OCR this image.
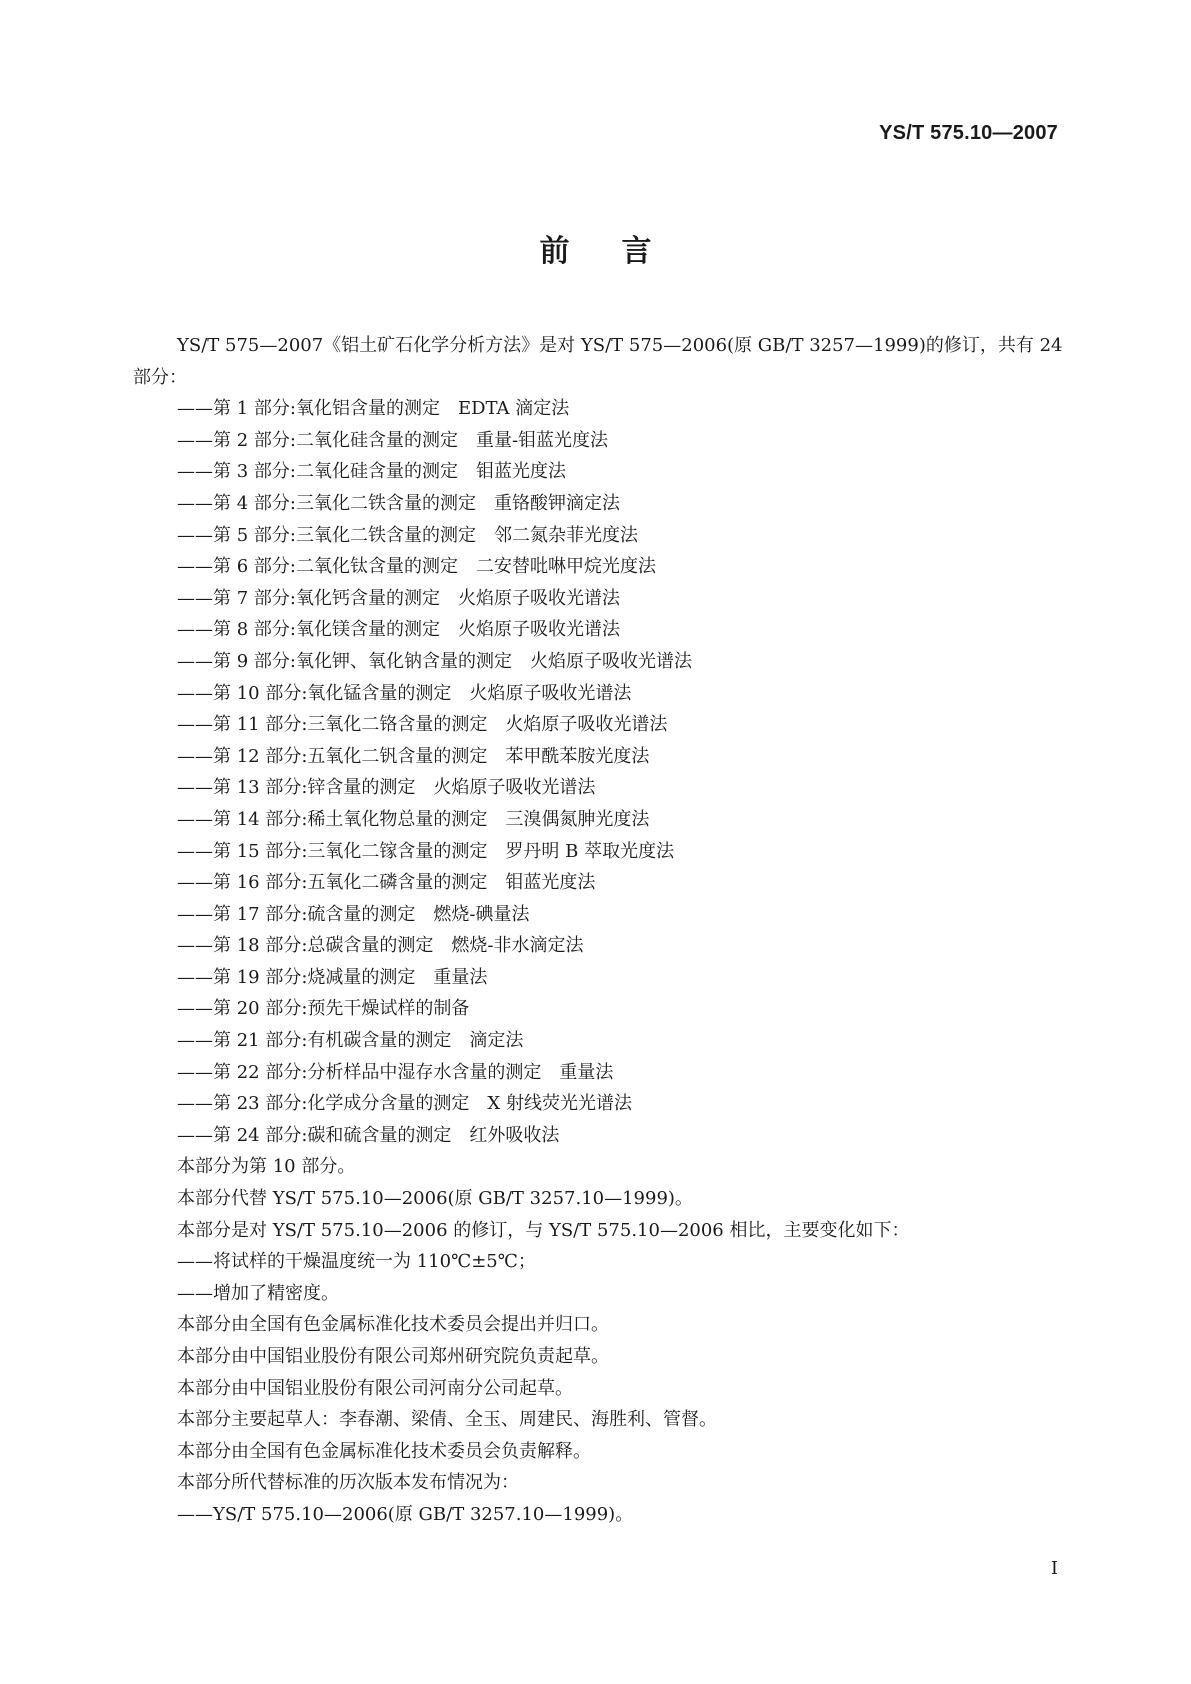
YS/T 575.10—2007
前言

YS/T 575—2007《铝土矿石化学分析方法》是对 YS/T 575—2006(原 GB/T 3257—1999)的修订，共有 24 部分：

——第 1 部分:氧化铝含量的测定　EDTA 滴定法
——第 2 部分:二氧化硅含量的测定　重量-钼蓝光度法
——第 3 部分:二氧化硅含量的测定　钼蓝光度法
——第 4 部分:三氧化二铁含量的测定　重铬酸钾滴定法
——第 5 部分:三氧化二铁含量的测定　邻二氮杂菲光度法
——第 6 部分:二氧化钛含量的测定　二安替吡啉甲烷光度法
——第 7 部分:氧化钙含量的测定　火焰原子吸收光谱法
——第 8 部分:氧化镁含量的测定　火焰原子吸收光谱法
——第 9 部分:氧化钾、氧化钠含量的测定　火焰原子吸收光谱法
——第 10 部分:氧化锰含量的测定　火焰原子吸收光谱法
——第 11 部分:三氧化二铬含量的测定　火焰原子吸收光谱法
——第 12 部分:五氧化二钒含量的测定　苯甲酰苯胺光度法
——第 13 部分:锌含量的测定　火焰原子吸收光谱法
——第 14 部分:稀土氧化物总量的测定　三溴偶氮胂光度法
——第 15 部分:三氧化二镓含量的测定　罗丹明 B 萃取光度法
——第 16 部分:五氧化二磷含量的测定　钼蓝光度法
——第 17 部分:硫含量的测定　燃烧-碘量法
——第 18 部分:总碳含量的测定　燃烧-非水滴定法
——第 19 部分:烧减量的测定　重量法
——第 20 部分:预先干燥试样的制备
——第 21 部分:有机碳含量的测定　滴定法
——第 22 部分:分析样品中湿存水含量的测定　重量法
——第 23 部分:化学成分含量的测定　X 射线荧光光谱法
——第 24 部分:碳和硫含量的测定　红外吸收法

本部分为第 10 部分。

本部分代替 YS/T 575.10—2006(原 GB/T 3257.10—1999)。

本部分是对 YS/T 575.10—2006 的修订，与 YS/T 575.10—2006 相比，主要变化如下：

——将试样的干燥温度统一为 110℃±5℃；

——增加了精密度。

本部分由全国有色金属标准化技术委员会提出并归口。

本部分由中国铝业股份有限公司郑州研究院负责起草。

本部分由中国铝业股份有限公司河南分公司起草。

本部分主要起草人：李春潮、梁倩、全玉、周建民、海胜利、管督。

本部分由全国有色金属标准化技术委员会负责解释。

本部分所代替标准的历次版本发布情况为：

——YS/T 575.10—2006(原 GB/T 3257.10—1999)。

I
